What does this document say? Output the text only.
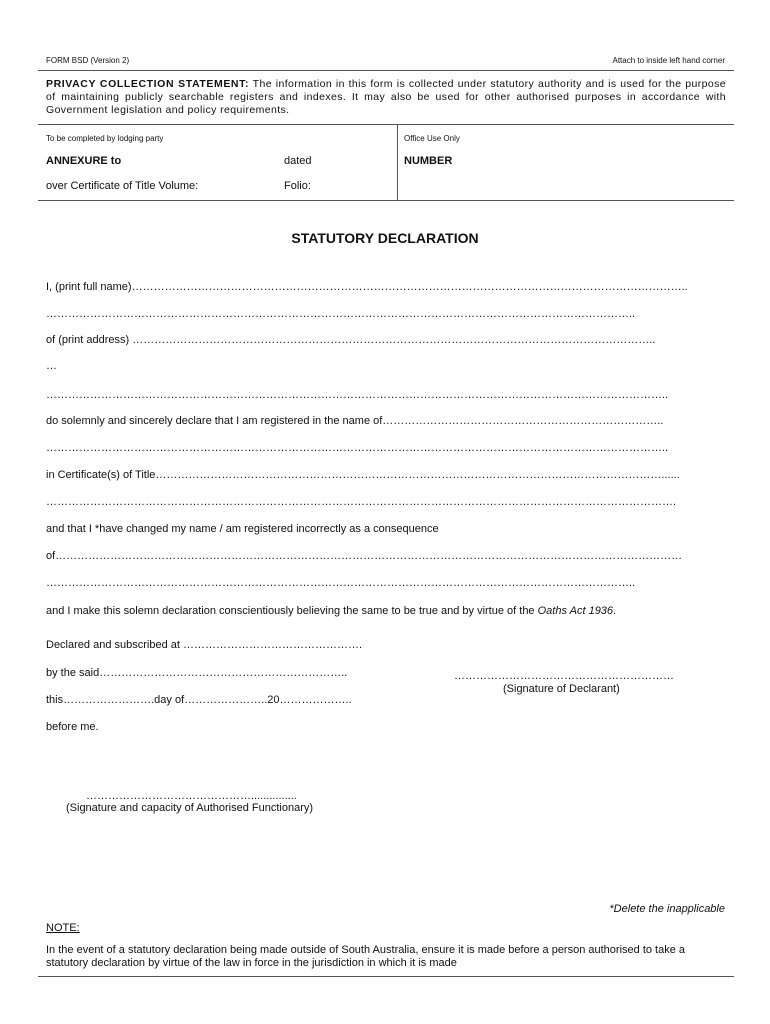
FORM BSD (Version 2)	Attach to inside left hand corner
PRIVACY COLLECTION STATEMENT: The information in this form is collected under statutory authority and is used for the purpose of maintaining publicly searchable registers and indexes. It may also be used for other authorised purposes in accordance with Government legislation and policy requirements.
To be completed by lodging party	Office Use Only
ANNEXURE to	dated	NUMBER
over Certificate of Title Volume:	Folio:
STATUTORY DECLARATION
I, (print full name)……………………………………………………………………………………………………………………………………..
……………………………………………………………………………………………………………………………………………..
of (print address) ……………………………………………………………………………………………………………………………..
…
……………………………………………………………………………………………………………………………………………………..
do solemnly and sincerely declare that I am registered in the name of…………………………………………………………………..
……………………………………………………………………………………………………………………………………………………..
in Certificate(s) of Title…………………………………………………………………………………………………………………………......
……………………………………………………………………………………………………………………………………………………….
and that I *have changed my name / am registered incorrectly as a consequence
of………………………………………………………………………………………………………………………………………………………
……………………………………………………………………………………………………………………………………………..
and I make this solemn declaration conscientiously believing the same to be true and by virtue of the Oaths Act 1936.
Declared and subscribed at ………………………………………….
by the said…………………………………………………………..	……………………………………………………
(Signature of Declarant)
this…………………….day of…………………..20………………..
before me.
………………………………………...............
(Signature and capacity of Authorised Functionary)
*Delete the inapplicable
NOTE:
In the event of a statutory declaration being made outside of South Australia, ensure it is made before a person authorised to take a statutory declaration by virtue of the law in force in the jurisdiction in which it is made
